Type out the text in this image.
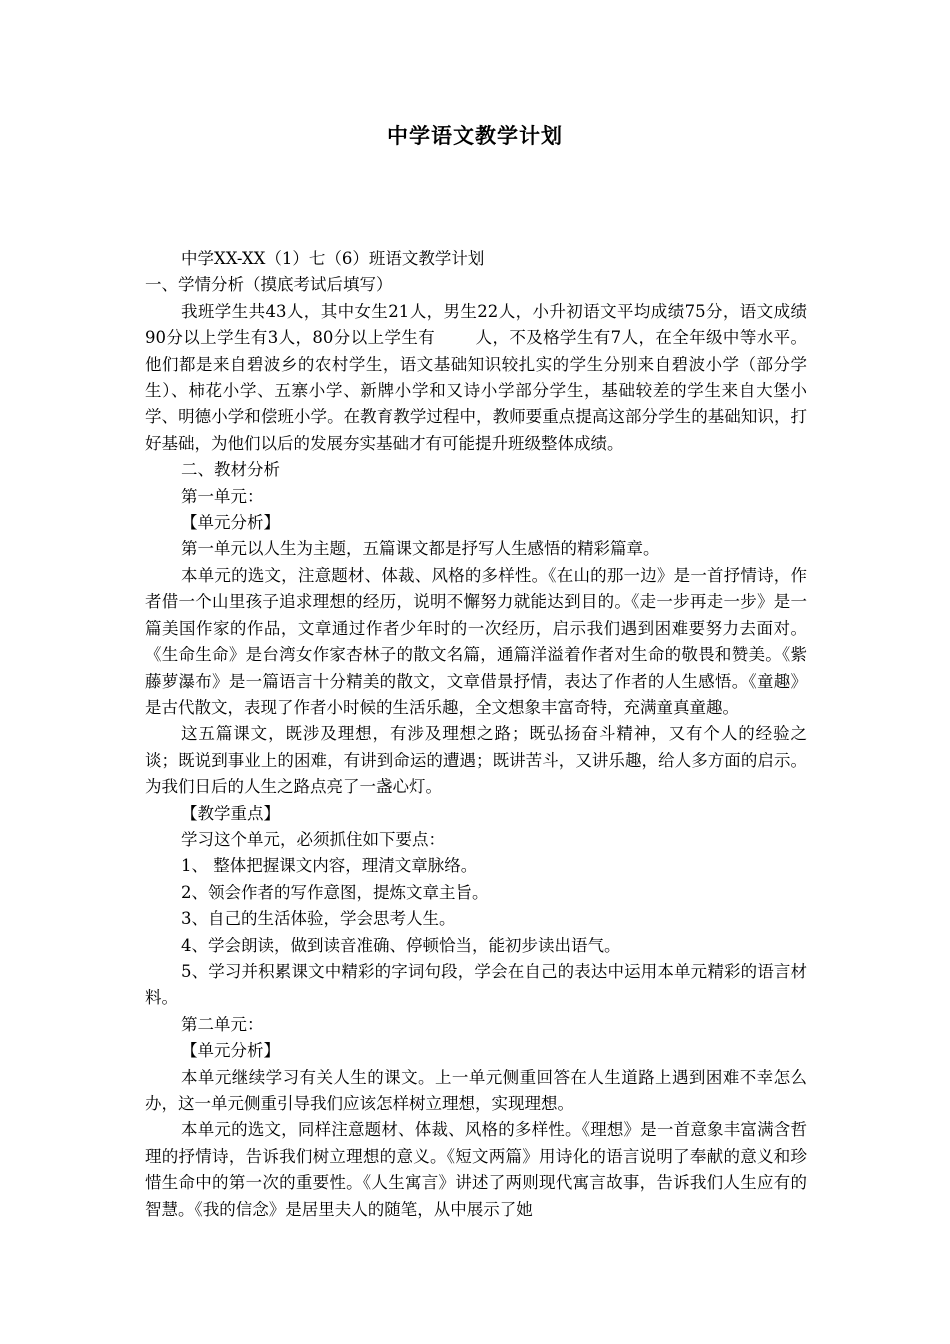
中学语文教学计划

中学XX-XX（1）七（6）班语文教学计划

一、学情分析（摸底考试后填写）

我班学生共43人，其中女生21人，男生22人，小升初语文平均成绩75分，语文成绩90分以上学生有3人，80分以上学生有 人，不及格学生有7人，在全年级中等水平。他们都是来自碧波乡的农村学生，语文基础知识较扎实的学生分别来自碧波小学（部分学生）、柿花小学、五寨小学、新牌小学和又诗小学部分学生，基础较差的学生来自大堡小学、明德小学和偿班小学。在教育教学过程中，教师要重点提高这部分学生的基础知识，打好基础，为他们以后的发展夯实基础才有可能提升班级整体成绩。

二、教材分析

第一单元：

【单元分析】

第一单元以人生为主题，五篇课文都是抒写人生感悟的精彩篇章。

本单元的选文，注意题材、体裁、风格的多样性。《在山的那一边》是一首抒情诗，作者借一个山里孩子追求理想的经历，说明不懈努力就能达到目的。《走一步再走一步》是一篇美国作家的作品，文章通过作者少年时的一次经历，启示我们遇到困难要努力去面对。《生命生命》是台湾女作家杏林子的散文名篇，通篇洋溢着作者对生命的敬畏和赞美。《紫藤萝瀑布》是一篇语言十分精美的散文，文章借景抒情，表达了作者的人生感悟。《童趣》是古代散文，表现了作者小时候的生活乐趣，全文想象丰富奇特，充满童真童趣。

这五篇课文，既涉及理想，有涉及理想之路；既弘扬奋斗精神，又有个人的经验之谈；既说到事业上的困难，有讲到命运的遭遇；既讲苦斗，又讲乐趣，给人多方面的启示。为我们日后的人生之路点亮了一盏心灯。

【教学重点】

学习这个单元，必须抓住如下要点：

1、 整体把握课文内容，理清文章脉络。

2、领会作者的写作意图，提炼文章主旨。

3、自己的生活体验，学会思考人生。

4、学会朗读，做到读音准确、停顿恰当，能初步读出语气。

5、学习并积累课文中精彩的字词句段，学会在自己的表达中运用本单元精彩的语言材料。

第二单元：

【单元分析】

本单元继续学习有关人生的课文。上一单元侧重回答在人生道路上遇到困难不幸怎么办，这一单元侧重引导我们应该怎样树立理想，实现理想。

本单元的选文，同样注意题材、体裁、风格的多样性。《理想》是一首意象丰富满含哲理的抒情诗，告诉我们树立理想的意义。《短文两篇》用诗化的语言说明了奉献的意义和珍惜生命中的第一次的重要性。《人生寓言》讲述了两则现代寓言故事，告诉我们人生应有的智慧。《我的信念》是居里夫人的随笔，从中展示了她
